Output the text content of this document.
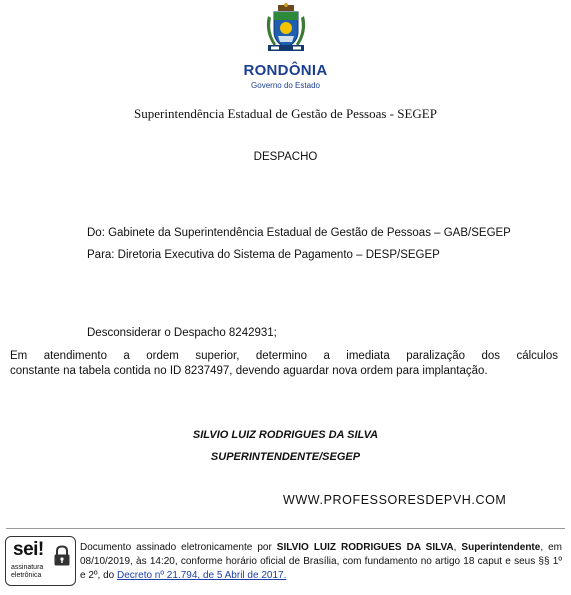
RONDÔNIA
Governo do Estado
Superintendência Estadual de Gestão de Pessoas - SEGEP
DESPACHO
Do: Gabinete da Superintendência Estadual de Gestão de Pessoas – GAB/SEGEP
Para: Diretoria Executiva do Sistema de Pagamento – DESP/SEGEP
Desconsiderar o Despacho 8242931;
Em atendimento a ordem superior, determino a imediata paralização dos cálculos
constante na tabela contida no ID 8237497, devendo aguardar nova ordem para implantação.
SILVIO LUIZ RODRIGUES DA SILVA
SUPERINTENDENTE/SEGEP
WWW.PROFESSORESDEPVH.COM
sei!
assinatura
eletrônica
Documento assinado eletronicamente por SILVIO LUIZ RODRIGUES DA SILVA, Superintendente, em 08/10/2019, às 14:20, conforme horário oficial de Brasília, com fundamento no artigo 18 caput e seus §§ 1º e 2º, do Decreto nº 21.794, de 5 Abril de 2017.
